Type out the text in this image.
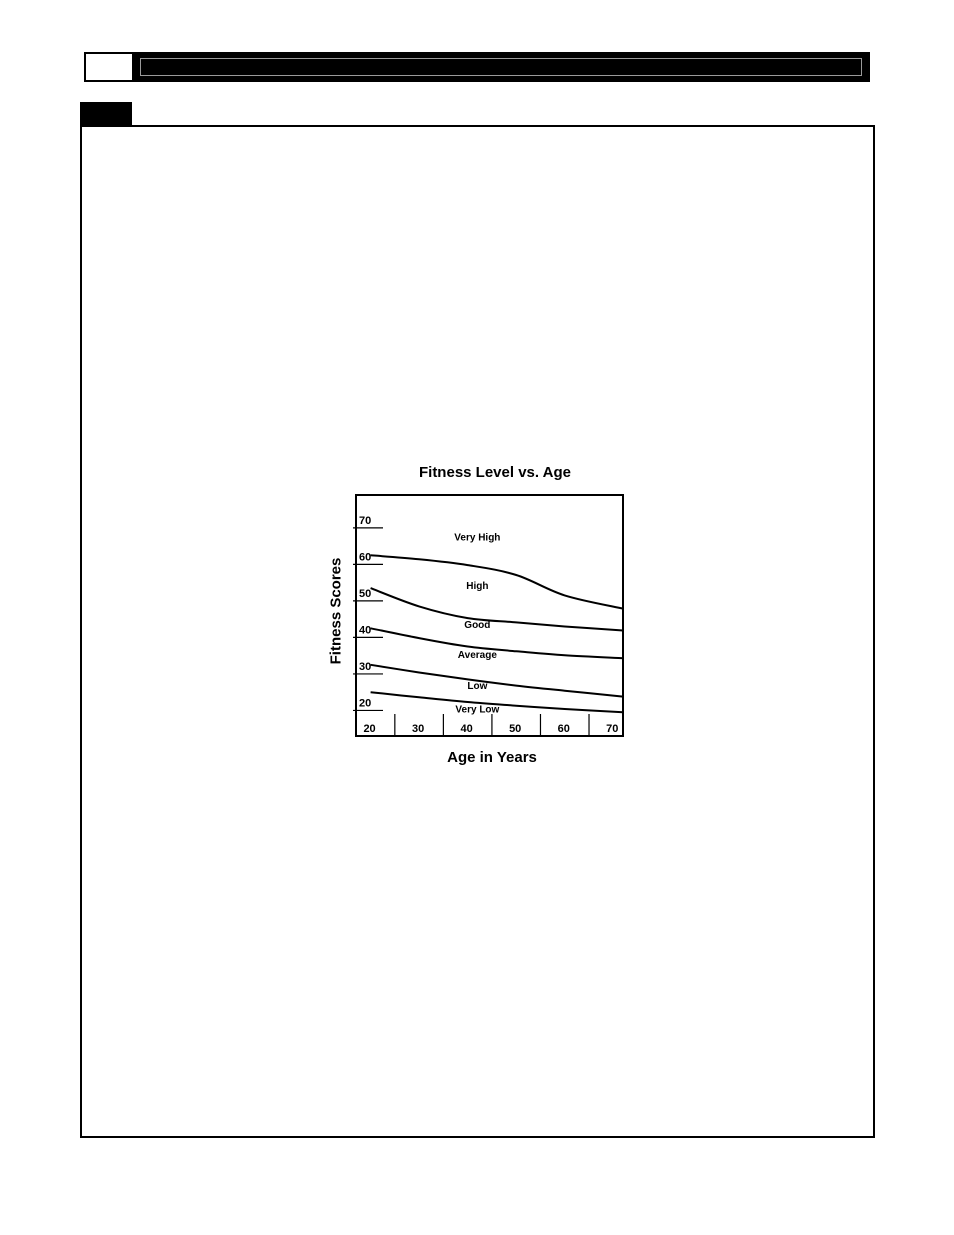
Fitness Level vs. Age
Fitness Scores
Age in Years
20
30
40
50
60
70
20	30	40	50	60	70
Very High
High
Good
Average
Low
Very Low
